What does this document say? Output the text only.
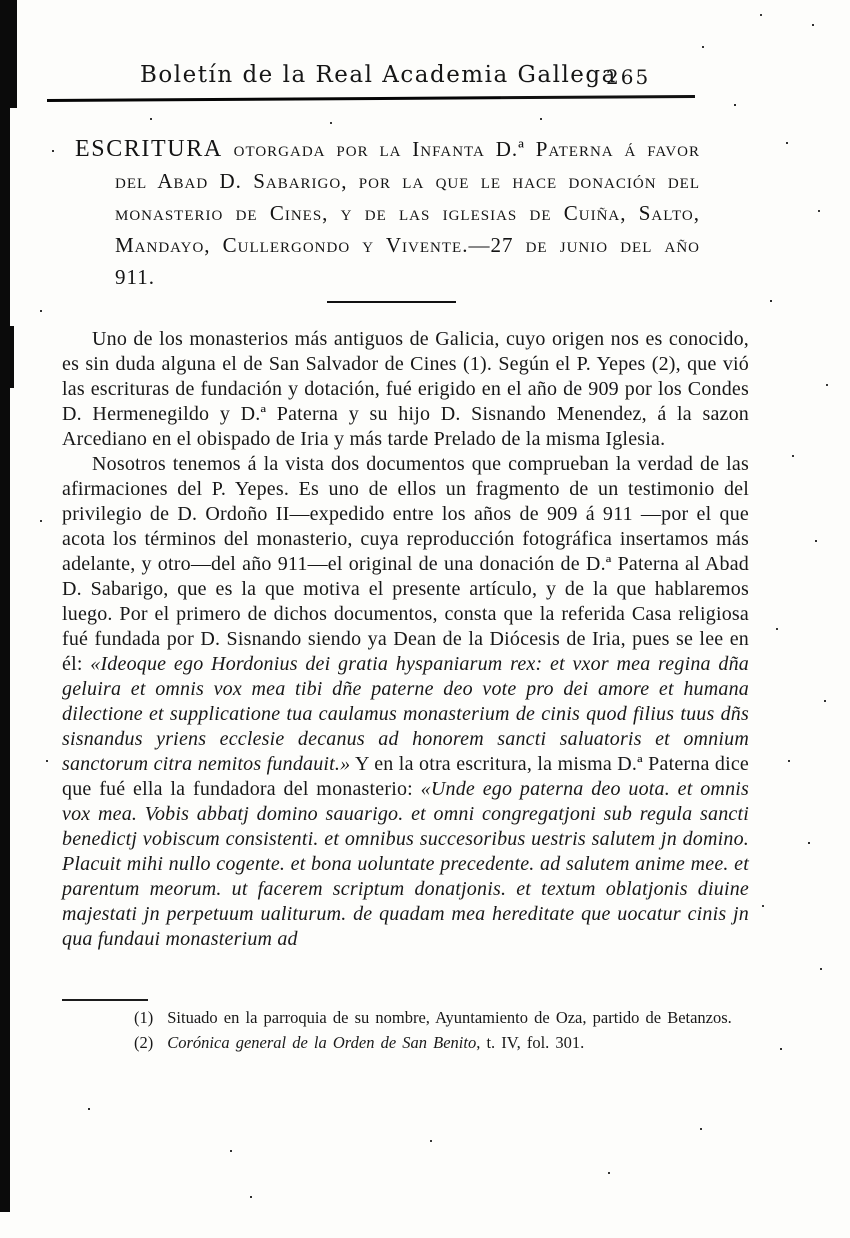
Boletín de la Real Academia Gallega
265
ESCRITURA otorgada por la Infanta D.ª Paterna á favor del Abad D. Sabarigo, por la que le hace donación del monasterio de Cines, y de las iglesias de Cuiña, Salto, Mandayo, Cullergondo y Vivente.—27 de junio del año 911.

Uno de los monasterios más antiguos de Galicia, cuyo origen nos es conocido, es sin duda alguna el de San Salvador de Cines (1). Según el P. Yepes (2), que vió las escrituras de fundación y dotación, fué erigido en el año de 909 por los Condes D. Hermenegildo y D.ª Paterna y su hijo D. Sisnando Menendez, á la sazon Arcediano en el obispado de Iria y más tarde Prelado de la misma Iglesia.

Nosotros tenemos á la vista dos documentos que comprueban la verdad de las afirmaciones del P. Yepes. Es uno de ellos un fragmento de un testimonio del privilegio de D. Ordoño II—expedido entre los años de 909 á 911 —por el que acota los términos del monasterio, cuya reproducción fotográfica insertamos más adelante, y otro—del año 911—el original de una donación de D.ª Paterna al Abad D. Sabarigo, que es la que motiva el presente artículo, y de la que hablaremos luego. Por el primero de dichos documentos, consta que la referida Casa religiosa fué fundada por D. Sisnando siendo ya Dean de la Diócesis de Iria, pues se lee en él: «Ideoque ego Hordonius dei gratia hyspaniarum rex: et vxor mea regina dña geluira et omnis vox mea tibi dñe paterne deo vote pro dei amore et humana dilectione et supplicatione tua caulamus monasterium de cinis quod filius tuus dñs sisnandus yriens ecclesie decanus ad honorem sancti saluatoris et omnium sanctorum citra nemitos fundauit.» Y en la otra escritura, la misma D.ª Paterna dice que fué ella la fundadora del monasterio: «Unde ego paterna deo uota. et omnis vox mea. Vobis abbatj domino sauarigo. et omni congregatjoni sub regula sancti benedictj vobiscum consistenti. et omnibus succesoribus uestris salutem jn domino. Placuit mihi nullo cogente. et bona uoluntate precedente. ad salutem anime mee. et parentum meorum. ut facerem scriptum donatjonis. et textum oblatjonis diuine majestati jn perpetuum ualiturum. de quadam mea hereditate que uocatur cinis jn qua fundaui monasterium ad

(1) Situado en la parroquia de su nombre, Ayuntamiento de Oza, partido de Betanzos.

(2) Corónica general de la Orden de San Benito, t. IV, fol. 301.
